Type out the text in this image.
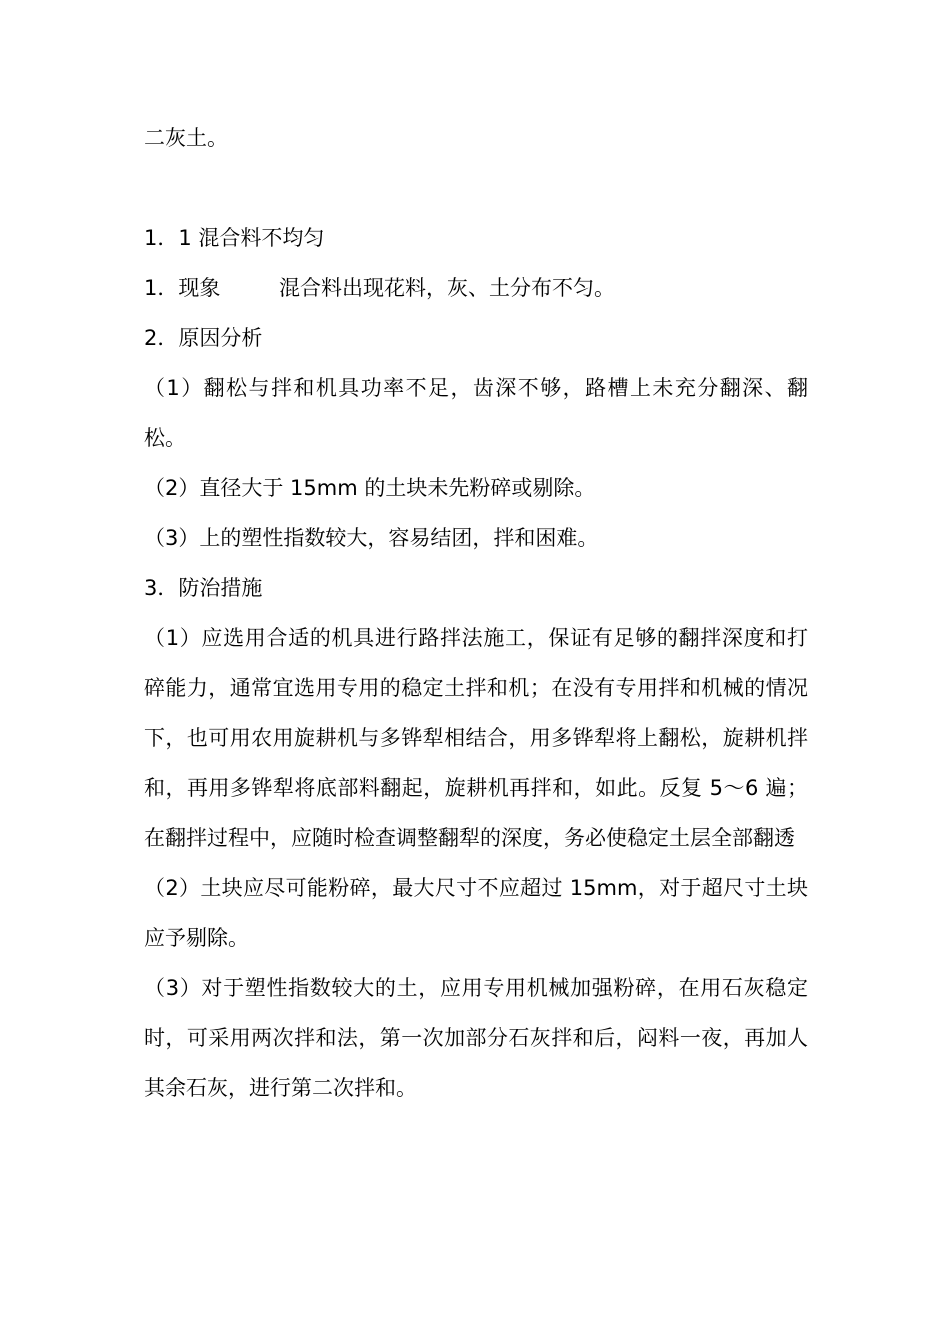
二灰土。

1．1 混合料不均匀

1．现象	混合料出现花料，灰、土分布不匀。

2．原因分析

（1）翻松与拌和机具功率不足，齿深不够，路槽上未充分翻深、翻松。

（2）直径大于 15mm 的土块未先粉碎或剔除。

（3）上的塑性指数较大，容易结团，拌和困难。

3．防治措施

（1）应选用合适的机具进行路拌法施工，保证有足够的翻拌深度和打碎能力，通常宜选用专用的稳定土拌和机；在没有专用拌和机械的情况下，也可用农用旋耕机与多铧犁相结合，用多铧犁将上翻松，旋耕机拌和，再用多铧犁将底部料翻起，旋耕机再拌和，如此。反复 5～6 遍；在翻拌过程中，应随时检查调整翻犁的深度，务必使稳定土层全部翻透

（2）土块应尽可能粉碎，最大尺寸不应超过 15mm，对于超尺寸土块应予剔除。

（3）对于塑性指数较大的土，应用专用机械加强粉碎，在用石灰稳定时，可采用两次拌和法，第一次加部分石灰拌和后，闷料一夜，再加人其余石灰，进行第二次拌和。
